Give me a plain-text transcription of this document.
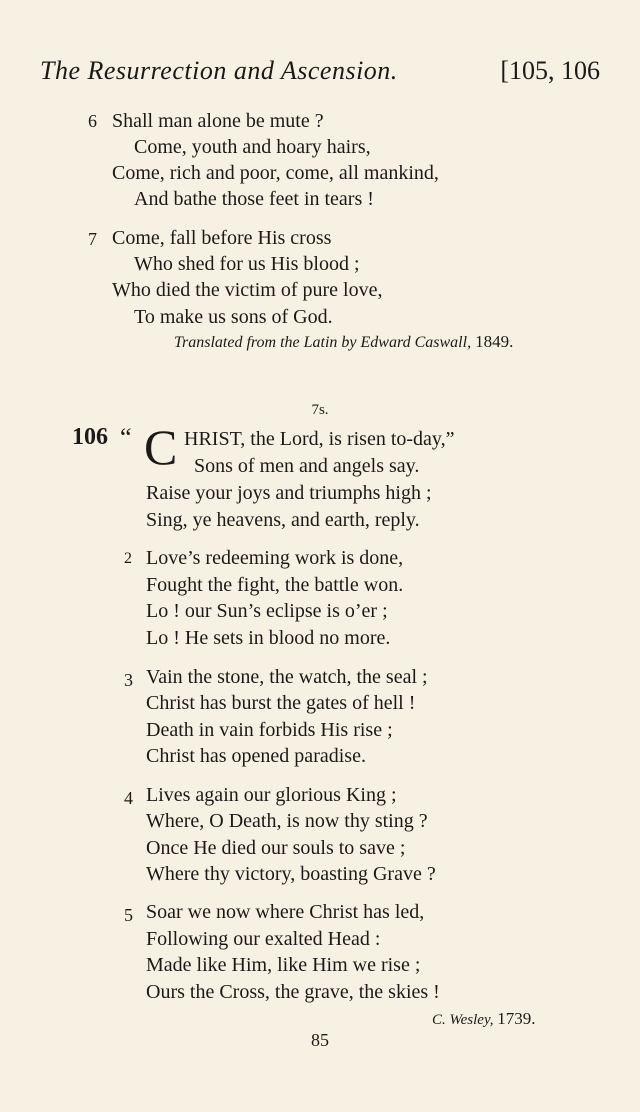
The Resurrection and Ascension.	[105, 106
6 Shall man alone be mute ?
Come, youth and hoary hairs,
Come, rich and poor, come, all mankind,
And bathe those feet in tears !
7 Come, fall before His cross
Who shed for us His blood ;
Who died the victim of pure love,
To make us sons of God.
Translated from the Latin by Edward Caswall, 1849.
7s.
106 “ C HRIST, the Lord, is risen to-day,”
Sons of men and angels say.
Raise your joys and triumphs high ;
Sing, ye heavens, and earth, reply.
2 Love’s redeeming work is done,
Fought the fight, the battle won.
Lo ! our Sun’s eclipse is o’er ;
Lo ! He sets in blood no more.
3 Vain the stone, the watch, the seal ;
Christ has burst the gates of hell !
Death in vain forbids His rise ;
Christ has opened paradise.
4 Lives again our glorious King ;
Where, O Death, is now thy sting ?
Once He died our souls to save ;
Where thy victory, boasting Grave ?
5 Soar we now where Christ has led,
Following our exalted Head :
Made like Him, like Him we rise ;
Ours the Cross, the grave, the skies !
C. Wesley, 1739.
85
